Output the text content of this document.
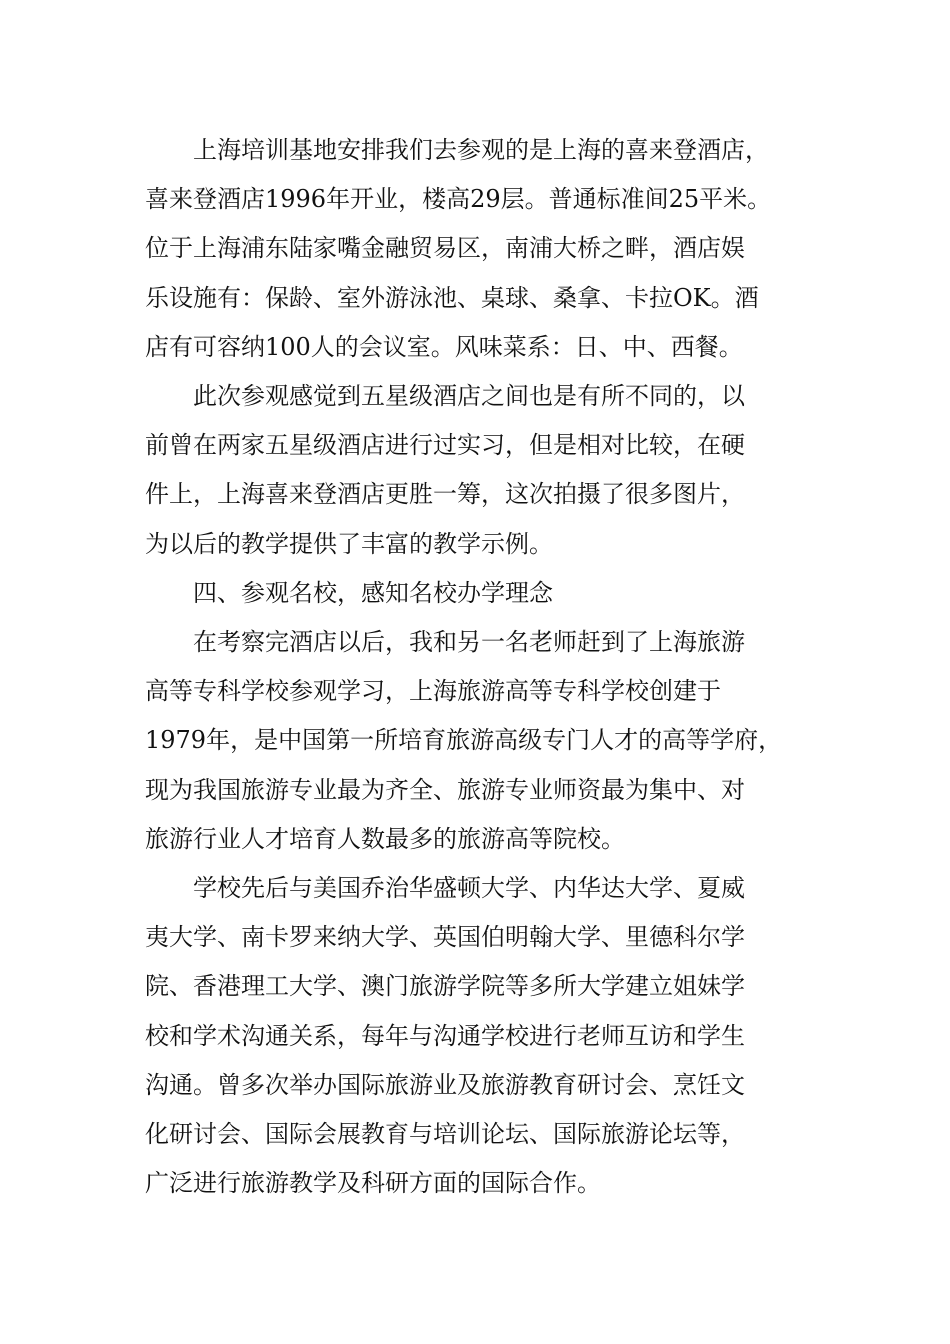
上海培训基地安排我们去参观的是上海的喜来登酒店，
喜来登酒店1996年开业，楼高29层。普通标准间25平米。
位于上海浦东陆家嘴金融贸易区，南浦大桥之畔，酒店娱
乐设施有：保龄、室外游泳池、桌球、桑拿、卡拉OK。酒
店有可容纳100人的会议室。风味菜系：日、中、西餐。

此次参观感觉到五星级酒店之间也是有所不同的，以
前曾在两家五星级酒店进行过实习，但是相对比较，在硬
件上，上海喜来登酒店更胜一筹，这次拍摄了很多图片，
为以后的教学提供了丰富的教学示例。

四、参观名校，感知名校办学理念

在考察完酒店以后，我和另一名老师赶到了上海旅游
高等专科学校参观学习，上海旅游高等专科学校创建于
1979年，是中国第一所培育旅游高级专门人才的高等学府，
现为我国旅游专业最为齐全、旅游专业师资最为集中、对
旅游行业人才培育人数最多的旅游高等院校。

学校先后与美国乔治华盛顿大学、内华达大学、夏威
夷大学、南卡罗来纳大学、英国伯明翰大学、里德科尔学
院、香港理工大学、澳门旅游学院等多所大学建立姐妹学
校和学术沟通关系，每年与沟通学校进行老师互访和学生
沟通。曾多次举办国际旅游业及旅游教育研讨会、烹饪文
化研讨会、国际会展教育与培训论坛、国际旅游论坛等，
广泛进行旅游教学及科研方面的国际合作。
